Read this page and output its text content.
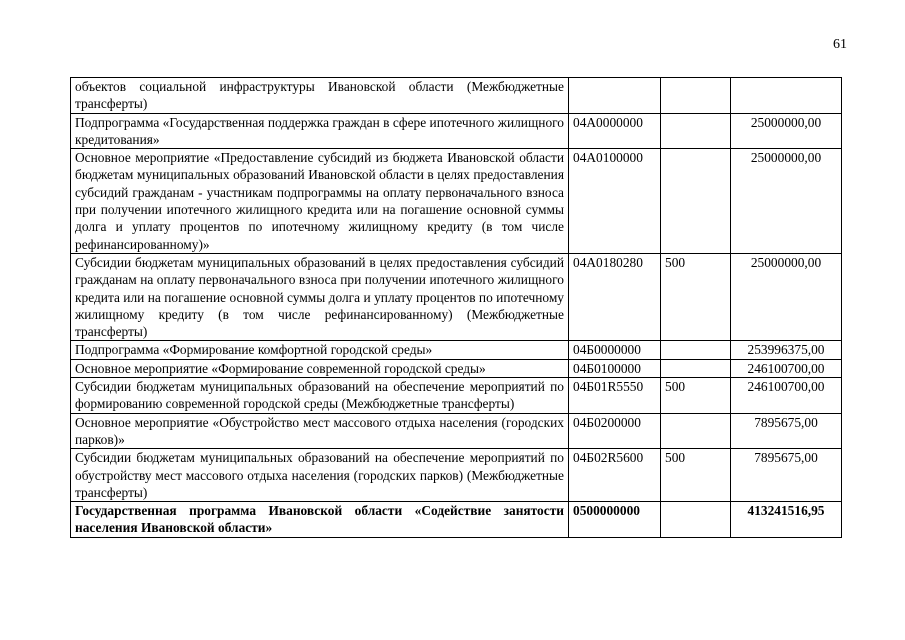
61
объектов социальной инфраструктуры Ивановской области (Межбюджетные трансферты)			
Подпрограмма «Государственная поддержка граждан в сфере ипотечного жилищного кредитования»	04А0000000		25000000,00
Основное мероприятие «Предоставление субсидий из бюджета Ивановской области бюджетам муниципальных образований Ивановской области в целях предоставления субсидий гражданам - участникам подпрограммы на оплату первоначального взноса при получении ипотечного жилищного кредита или на погашение основной суммы долга и уплату процентов по ипотечному жилищному кредиту (в том числе рефинансированному)»	04А0100000		25000000,00
Субсидии бюджетам муниципальных образований в целях предоставления субсидий гражданам на оплату первоначального взноса при получении ипотечного жилищного кредита или на погашение основной суммы долга и уплату процентов по ипотечному жилищному кредиту (в том числе рефинансированному) (Межбюджетные трансферты)	04А0180280	500	25000000,00
Подпрограмма «Формирование комфортной городской среды»	04Б0000000		253996375,00
Основное мероприятие «Формирование современной городской среды»	04Б0100000		246100700,00
Субсидии бюджетам муниципальных образований на обеспечение мероприятий по формированию современной городской среды (Межбюджетные трансферты)	04Б01R5550	500	246100700,00
Основное мероприятие «Обустройство мест массового отдыха населения (городских парков)»	04Б0200000		7895675,00
Субсидии бюджетам муниципальных образований на обеспечение мероприятий по обустройству мест массового отдыха населения (городских парков) (Межбюджетные трансферты)	04Б02R5600	500	7895675,00
Государственная программа Ивановской области «Содействие занятости населения Ивановской области»	0500000000		413241516,95
